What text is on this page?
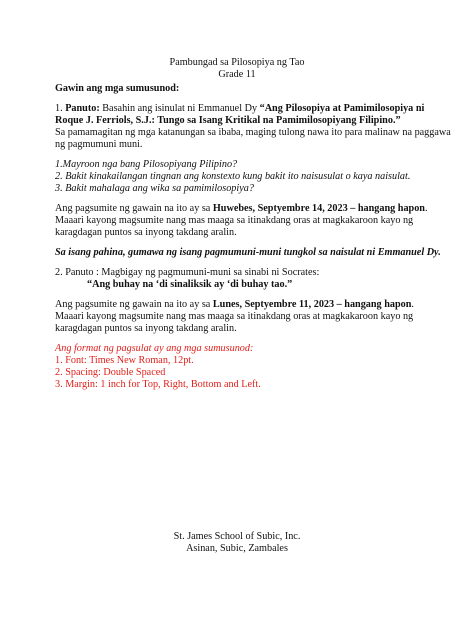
Pambungad sa Pilosopiya ng Tao
Grade 11
Gawin ang mga sumusunod:
1. Panuto: Basahin ang isinulat ni Emmanuel Dy “Ang Pilosopiya at Pamimilosopiya ni
Roque J. Ferriols, S.J.: Tungo sa Isang Kritikal na Pamimilosopiyang Filipino.”
Sa pamamagitan ng mga katanungan sa ibaba, maging tulong nawa ito para malinaw na paggawa
ng pagmumuni muni.
1.Mayroon nga bang Pilosopiyang Pilipino?
2. Bakit kinakailangan tingnan ang konstexto kung bakit ito naisusulat o kaya naisulat.
3. Bakit mahalaga ang wika sa pamimilosopiya?
Ang pagsumite ng gawain na ito ay sa Huwebes, Septyembre 14, 2023 – hangang hapon.
Maaari kayong magsumite nang mas maaga sa itinakdang oras at magkakaroon kayo ng
karagdagan puntos sa inyong takdang aralin.
Sa isang pahina, gumawa ng isang pagmumuni-muni tungkol sa naisulat ni Emmanuel Dy.
2. Panuto : Magbigay ng pagmumuni-muni sa sinabi ni Socrates:
“Ang buhay na ‘di sinaliksik ay ‘di buhay tao.”
Ang pagsumite ng gawain na ito ay sa Lunes, Septyembre 11, 2023 – hangang hapon.
Maaari kayong magsumite nang mas maaga sa itinakdang oras at magkakaroon kayo ng
karagdagan puntos sa inyong takdang aralin.
Ang format ng pagsulat ay ang mga sumusunod:
1. Font: Times New Roman, 12pt.
2. Spacing: Double Spaced
3. Margin: 1 inch for Top, Right, Bottom and Left.
St. James School of Subic, Inc.
Asinan, Subic, Zambales
